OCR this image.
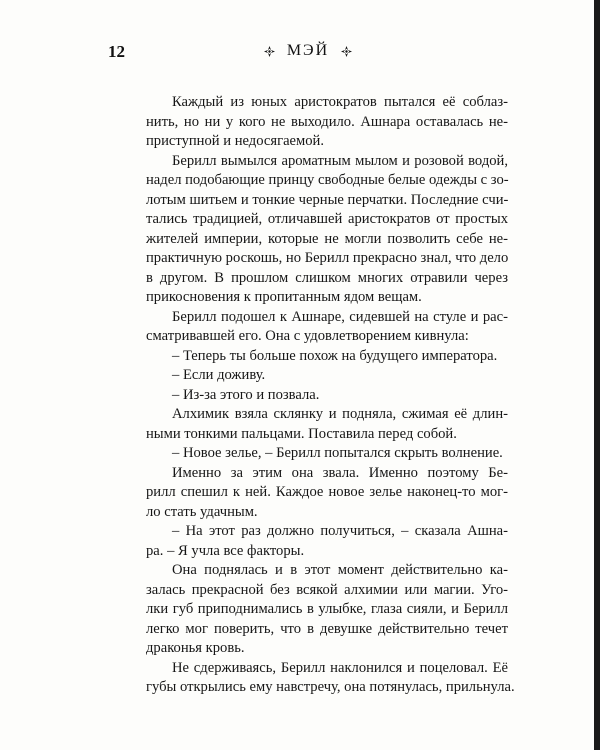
12	МЭЙ
Каждый из юных аристократов пытался её соблаз-
нить, но ни у кого не выходило. Ашнара оставалась не-
приступной и недосягаемой.
Берилл вымылся ароматным мылом и розовой водой,
надел подобающие принцу свободные белые одежды с зо-
лотым шитьем и тонкие черные перчатки. Последние счи-
тались традицией, отличавшей аристократов от простых
жителей империи, которые не могли позволить себе не-
практичную роскошь, но Берилл прекрасно знал, что дело
в другом. В прошлом слишком многих отравили через
прикосновения к пропитанным ядом вещам.
Берилл подошел к Ашнаре, сидевшей на стуле и рас-
сматривавшей его. Она с удовлетворением кивнула:
– Теперь ты больше похож на будущего императора.
– Если доживу.
– Из-за этого и позвала.
Алхимик взяла склянку и подняла, сжимая её длин-
ными тонкими пальцами. Поставила перед собой.
– Новое зелье, – Берилл попытался скрыть волнение.
Именно за этим она звала. Именно поэтому Бе-
рилл спешил к ней. Каждое новое зелье наконец-то мог-
ло стать удачным.
– На этот раз должно получиться, – сказала Ашна-
ра. – Я учла все факторы.
Она поднялась и в этот момент действительно ка-
залась прекрасной без всякой алхимии или магии. Уго-
лки губ приподнимались в улыбке, глаза сияли, и Берилл
легко мог поверить, что в девушке действительно течет
драконья кровь.
Не сдерживаясь, Берилл наклонился и поцеловал. Её
губы открылись ему навстречу, она потянулась, прильнула.
